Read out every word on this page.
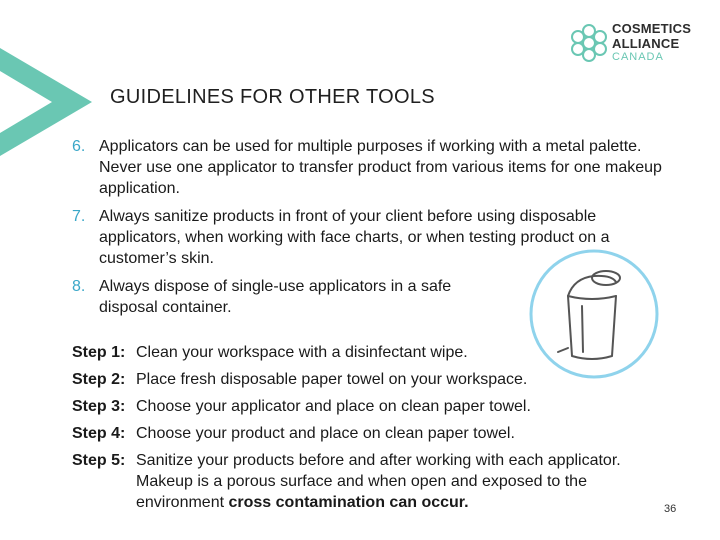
COSMETICS
ALLIANCE
CANADA
GUIDELINES FOR OTHER TOOLS
6. Applicators can be used for multiple purposes if working with a metal palette. Never use one applicator to transfer product from various items for one makeup application.
7. Always sanitize products in front of your client before using disposable applicators, when working with face charts, or when testing product on a customer’s skin.
8. Always dispose of single-use applicators in a safe disposal container.
Step 1: Clean your workspace with a disinfectant wipe.
Step 2: Place fresh disposable paper towel on your workspace.
Step 3: Choose your applicator and place on clean paper towel.
Step 4: Choose your product and place on clean paper towel.
Step 5: Sanitize your products before and after working with each applicator. Makeup is a porous surface and when open and exposed to the environment cross contamination can occur.	36
